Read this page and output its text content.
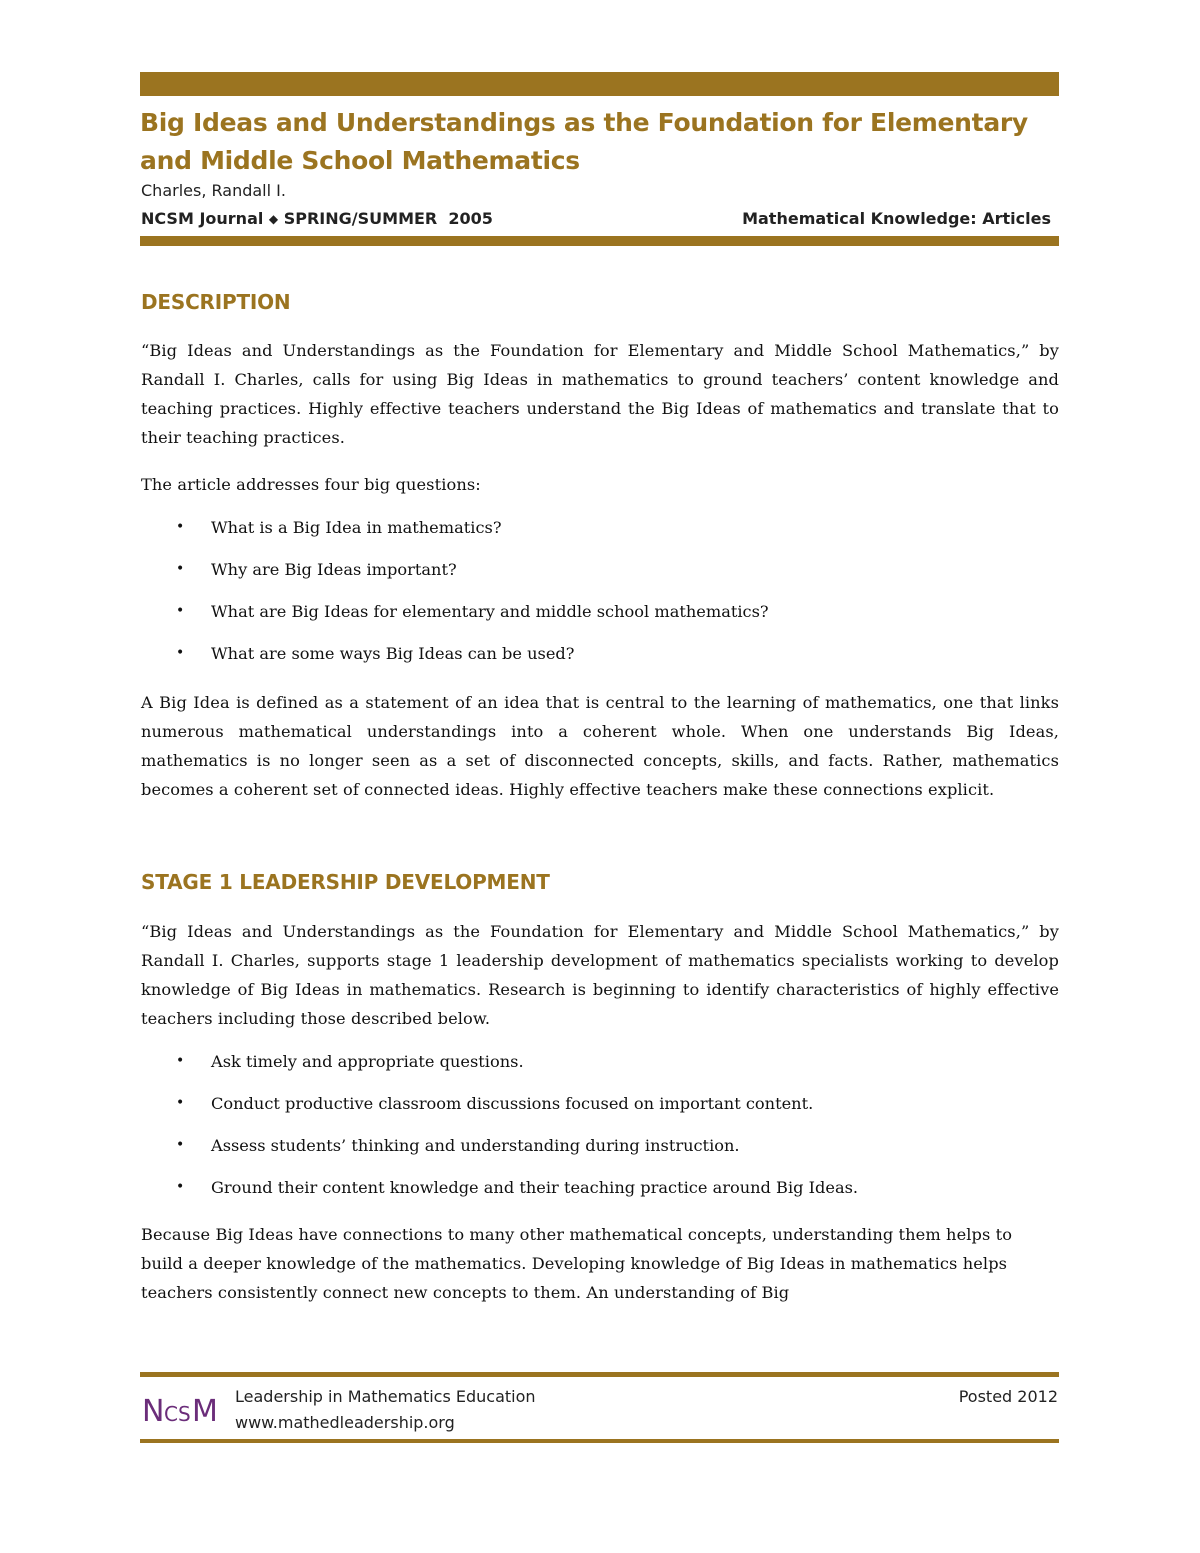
Big Ideas and Understandings as the Foundation for Elementary and Middle School Mathematics
Charles, Randall I.
NCSM Journal ◆ SPRING/SUMMER  2005	Mathematical Knowledge: Articles
DESCRIPTION

“Big Ideas and Understandings as the Foundation for Elementary and Middle School Mathematics,” by Randall I. Charles, calls for using Big Ideas in mathematics to ground teachers’ content knowledge and teaching practices. Highly effective teachers understand the Big Ideas of mathematics and translate that to their teaching practices.

The article addresses four big questions:

• What is a Big Idea in mathematics?
• Why are Big Ideas important?
• What are Big Ideas for elementary and middle school mathematics?
• What are some ways Big Ideas can be used?

A Big Idea is defined as a statement of an idea that is central to the learning of mathematics, one that links numerous mathematical understandings into a coherent whole. When one understands Big Ideas, mathematics is no longer seen as a set of disconnected concepts, skills, and facts. Rather, mathematics becomes a coherent set of connected ideas. Highly effective teachers make these connections explicit.

STAGE 1 LEADERSHIP DEVELOPMENT

“Big Ideas and Understandings as the Foundation for Elementary and Middle School Mathematics,” by Randall I. Charles, supports stage 1 leadership development of mathematics specialists working to develop knowledge of Big Ideas in mathematics. Research is beginning to identify characteristics of highly effective teachers including those described below.

• Ask timely and appropriate questions.
• Conduct productive classroom discussions focused on important content.
• Assess students’ thinking and understanding during instruction.
• Ground their content knowledge and their teaching practice around Big Ideas.

Because Big Ideas have connections to many other mathematical concepts, understanding them helps to build a deeper knowledge of the mathematics. Developing knowledge of Big Ideas in mathematics helps teachers consistently connect new concepts to them. An understanding of Big

N C S M Leadership in Mathematics Education
www.mathedleadership.org
Posted 2012
